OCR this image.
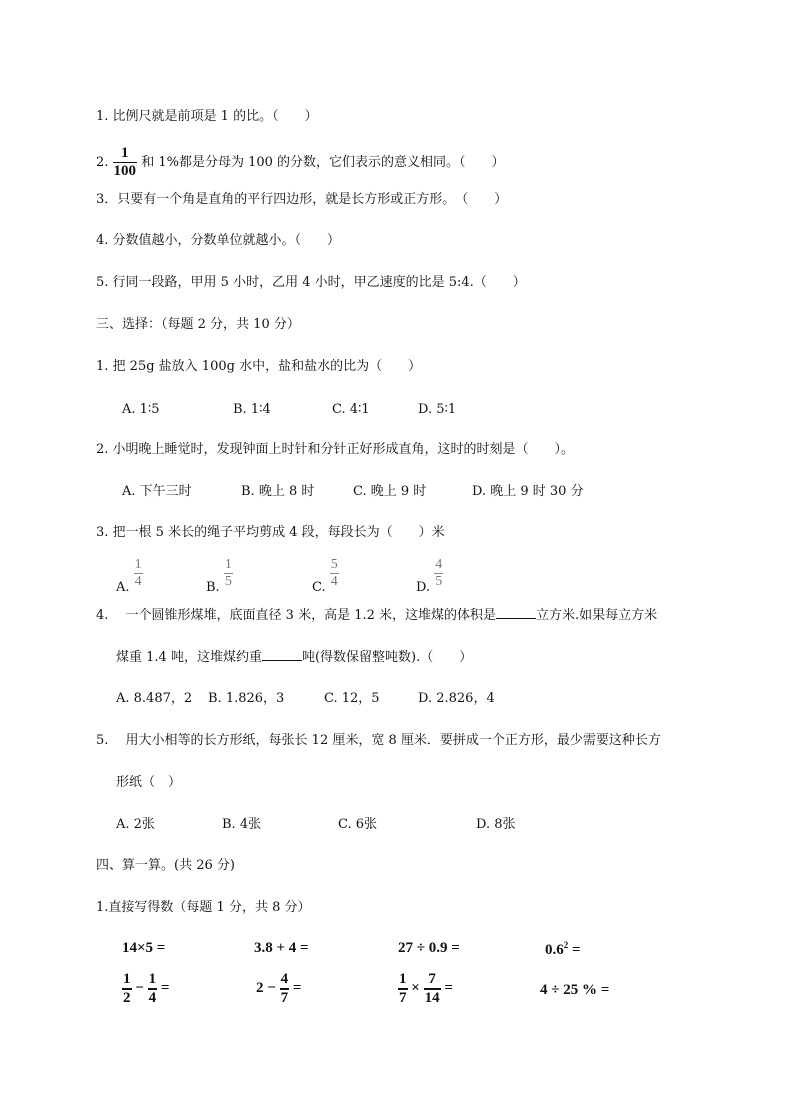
1. 比例尺就是前项是 1 的比。（　　）
2. $\frac{1}{100}$ 和 1%都是分母为 100 的分数，它们表示的意义相同。（　　）
3．只要有一个角是直角的平行四边形，就是长方形或正方形。　（　　）
4. 分数值越小，分数单位就越小。（　　）
5. 行同一段路，甲用 5 小时，乙用 4 小时，甲乙速度的比是 5:4.（　　）
三、选择：（每题 2 分，共 10 分）
1. 把 25g 盐放入 100g 水中，盐和盐水的比为（　　）
A. 1∶5	B. 1∶4	C. 4∶1	D. 5∶1
2. 小明晚上睡觉时，发现钟面上时针和分针正好形成直角，这时的时刻是（　　）。
A. 下午三时	B. 晚上 8 时	C. 晚上 9 时	D. 晚上 9 时 30 分
3. 把一根 5 米长的绳子平均剪成 4 段，每段长为（　　）米
A. $\frac{1}{4}$	B. $\frac{1}{5}$	C. $\frac{5}{4}$	D. $\frac{4}{5}$
4.　 一个圆锥形煤堆，底面直径 3 米，高是 1.2 米，这堆煤的体积是	立方米.如果每立方米
煤重 1.4 吨，这堆煤约重	吨(得数保留整吨数).（　　）
A. 8.487，2 B. 1.826，3	C. 12，5	D. 2.826，4
5.　 用大小相等的长方形纸，每张长 12 厘米，宽 8 厘米．要拼成一个正方形，最少需要这种长方
形纸（　）
A. 2张	B. 4张	C. 6张	D. 8张
四、算一算。(共 26 分)
1.直接写得数（每题 1 分，共 8 分）
14×5 =	3.8 + 4 =	27 ÷ 0.9 =	$0.6^2$ =
$\frac{1}{2} - \frac{1}{4}$ =	$2 - \frac{4}{7}$ =	$\frac{1}{7} \times \frac{7}{14}$ =	4 ÷ 25 % =
